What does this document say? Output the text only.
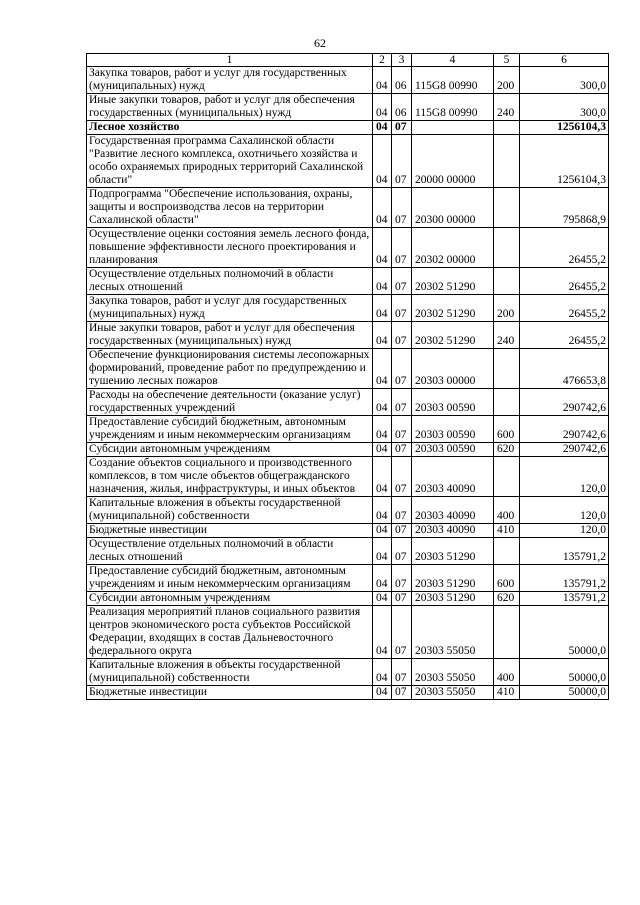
62
1	2	3	4	5	6
Закупка товаров, работ и услуг для государственных (муниципальных) нужд	04	06	115G8 00990	200	300,0
Иные закупки товаров, работ и услуг для обеспечения государственных (муниципальных) нужд	04	06	115G8 00990	240	300,0
Лесное хозяйство	04	07			1256104,3
Государственная программа Сахалинской области "Развитие лесного комплекса, охотничьего хозяйства и особо охраняемых природных территорий Сахалинской области"	04	07	20000 00000		1256104,3
Подпрограмма "Обеспечение использования, охраны, защиты и воспроизводства лесов на территории Сахалинской области"	04	07	20300 00000		795868,9
Осуществление оценки состояния земель лесного фонда, повышение эффективности лесного проектирования и планирования	04	07	20302 00000		26455,2
Осуществление отдельных полномочий в области лесных отношений	04	07	20302 51290		26455,2
Закупка товаров, работ и услуг для государственных (муниципальных) нужд	04	07	20302 51290	200	26455,2
Иные закупки товаров, работ и услуг для обеспечения государственных (муниципальных) нужд	04	07	20302 51290	240	26455,2
Обеспечение функционирования системы лесопожарных формирований, проведение работ по предупреждению и тушению лесных пожаров	04	07	20303 00000		476653,8
Расходы на обеспечение деятельности (оказание услуг) государственных учреждений	04	07	20303 00590		290742,6
Предоставление субсидий бюджетным, автономным учреждениям и иным некоммерческим организациям	04	07	20303 00590	600	290742,6
Субсидии автономным учреждениям	04	07	20303 00590	620	290742,6
Создание объектов социального и производственного комплексов, в том числе объектов общегражданского назначения, жилья, инфраструктуры, и иных объектов	04	07	20303 40090		120,0
Капитальные вложения в объекты государственной (муниципальной) собственности	04	07	20303 40090	400	120,0
Бюджетные инвестиции	04	07	20303 40090	410	120,0
Осуществление отдельных полномочий в области лесных отношений	04	07	20303 51290		135791,2
Предоставление субсидий бюджетным, автономным учреждениям и иным некоммерческим организациям	04	07	20303 51290	600	135791,2
Субсидии автономным учреждениям	04	07	20303 51290	620	135791,2
Реализация мероприятий планов социального развития центров экономического роста субъектов Российской Федерации, входящих в состав Дальневосточного федерального округа	04	07	20303 55050		50000,0
Капитальные вложения в объекты государственной (муниципальной) собственности	04	07	20303 55050	400	50000,0
Бюджетные инвестиции	04	07	20303 55050	410	50000,0
